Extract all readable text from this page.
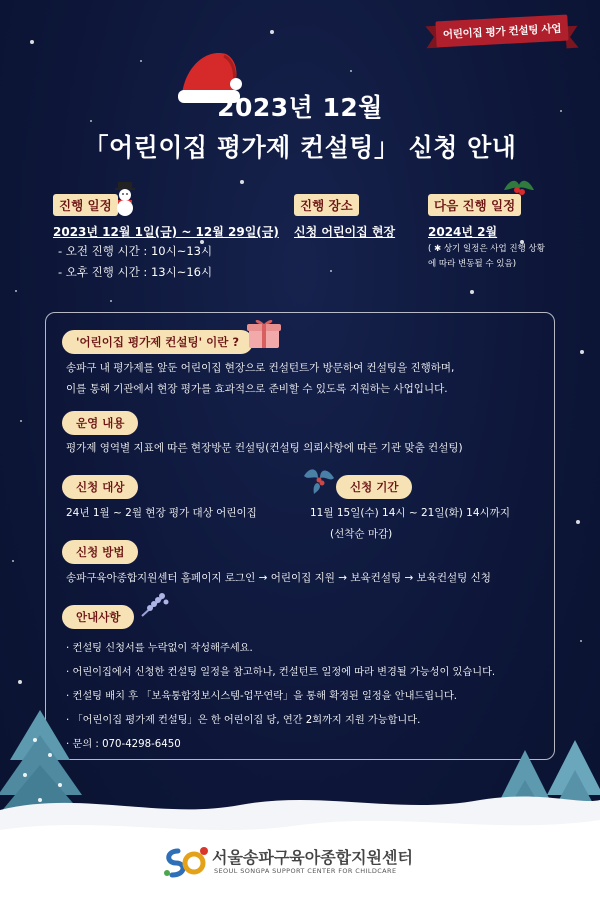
어린이집 평가 컨설팅 사업
2023년 12월
「어린이집 평가제 컨설팅」 신청 안내
진행 일정
2023년 12월 1일(금) ~ 12월 29일(금)
- 오전 진행 시간 : 10시~13시
- 오후 진행 시간 : 13시~16시
진행 장소
신청 어린이집 현장
다음 진행 일정
2024년 2월
( ✱ 상기 일정은 사업 진행 상황에 따라 변동될 수 있음)
'어린이집 평가제 컨설팅' 이란 ?
송파구 내 평가제를 앞둔 어린이집 현장으로 컨설턴트가 방문하여 컨설팅을 진행하며,
이를 통해 기관에서 현장 평가를 효과적으로 준비할 수 있도록 지원하는 사업입니다.
운영 내용
평가제 영역별 지표에 따른 현장방문 컨설팅(컨설팅 의뢰사항에 따른 기관 맞춤 컨설팅)
신청 대상
24년 1월 ~ 2월 현장 평가 대상 어린이집
신청 기간
11월 15일(수) 14시 ~ 21일(화) 14시까지
(선착순 마감)
신청 방법
송파구육아종합지원센터 홈페이지 로그인 → 어린이집 지원 → 보육컨설팅 → 보육컨설팅 신청
안내사항
· 컨설팅 신청서를 누락없이 작성해주세요.
· 어린이집에서 신청한 컨설팅 일정을 참고하나, 컨설턴트 일정에 따라 변경될 가능성이 있습니다.
· 컨설팅 배치 후 「보육통합정보시스템-업무연락」을 통해 확정된 일정을 안내드립니다.
· 「어린이집 평가제 컨설팅」은 한 어린이집 당, 연간 2회까지 지원 가능합니다.
· 문의 : 070-4298-6450
서울송파구육아종합지원센터
SEOUL SONGPA SUPPORT CENTER FOR CHILDCARE
